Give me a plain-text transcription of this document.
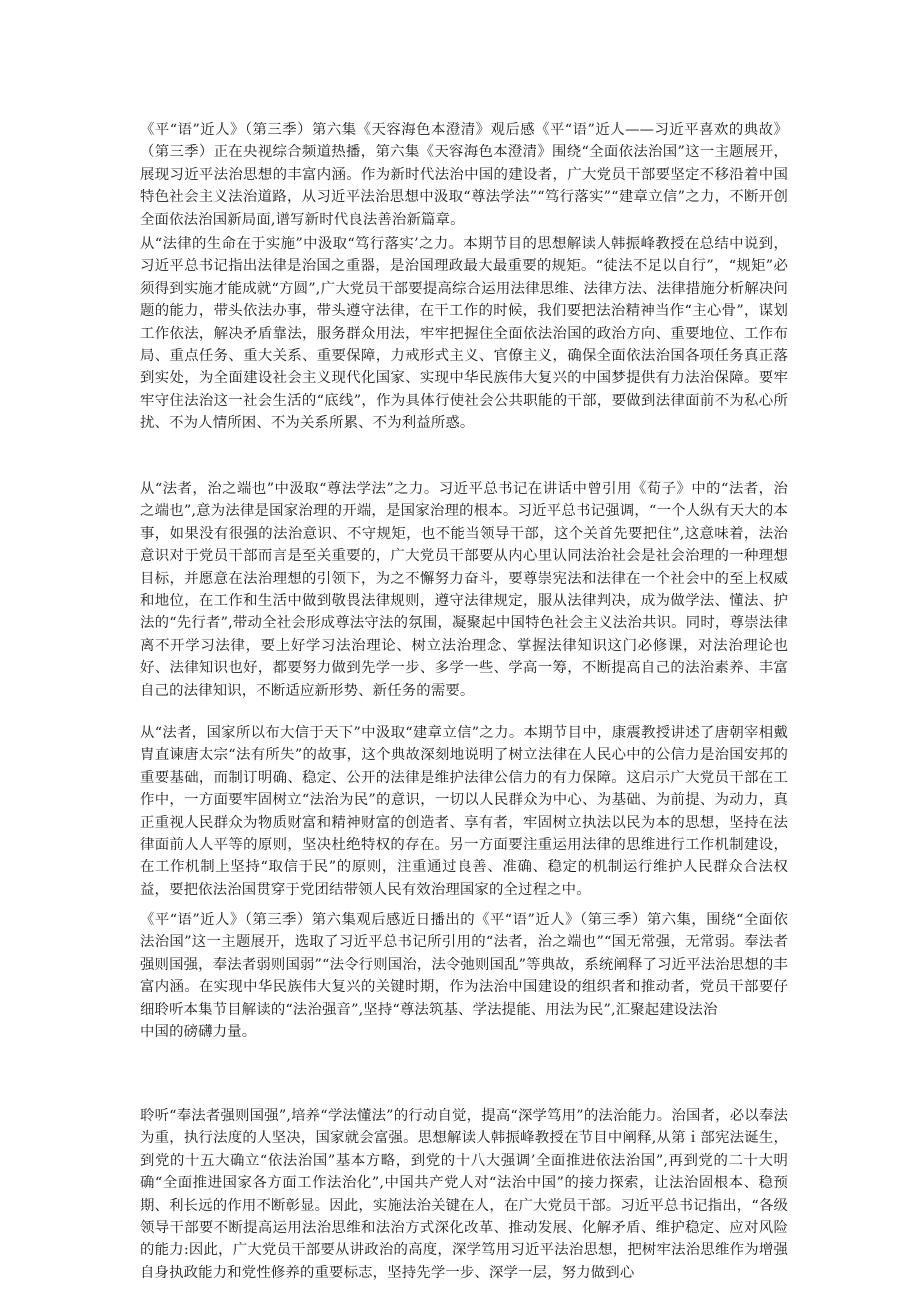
《平“语”近人》（第三季）第六集《天容海色本澄清》观后感《平“语”近人——习近平喜欢的典故》（第三季）正在央视综合频道热播，第六集《天容海色本澄清》围绕“全面依法治国”这一主题展开，展现习近平法治思想的丰富内涵。作为新时代法治中国的建设者，广大党员干部要坚定不移沿着中国特色社会主义法治道路，从习近平法治思想中汲取“尊法学法”“笃行落实”“建章立信”之力，不断开创全面依法治国新局面,谱写新时代良法善治新篇章。

从“法律的生命在于实施”中汲取“笃行落实’之力。本期节目的思想解读人韩振峰教授在总结中说到，习近平总书记指出法律是治国之重器，是治国理政最大最重要的规矩。“徒法不足以自行”，“规矩”必须得到实施才能成就“方圆”,广大党员干部要提高综合运用法律思维、法律方法、法律措施分析解决问题的能力，带头依法办事，带头遵守法律，在干工作的时候，我们要把法治精神当作“主心骨”，谋划工作依法，解决矛盾靠法，服务群众用法，牢牢把握住全面依法治国的政治方向、重要地位、工作布局、重点任务、重大关系、重要保障，力戒形式主义、官僚主义，确保全面依法治国各项任务真正落到实处，为全面建设社会主义现代化国家、实现中华民族伟大复兴的中国梦提供有力法治保障。要牢牢守住法治这一社会生活的“底线”，作为具体行使社会公共职能的干部，要做到法律面前不为私心所扰、不为人情所困、不为关系所累、不为利益所惑。

从“法者，治之端也”中汲取“尊法学法”之力。习近平总书记在讲话中曾引用《荀子》中的“法者，治之端也”,意为法律是国家治理的开端，是国家治理的根本。习近平总书记强调，“一个人纵有天大的本事，如果没有很强的法治意识、不守规矩，也不能当领导干部，这个关首先要把住”,这意味着，法治意识对于党员干部而言是至关重要的，广大党员干部要从内心里认同法治社会是社会治理的一种理想目标，并愿意在法治理想的引领下，为之不懈努力奋斗，要尊崇宪法和法律在一个社会中的至上权威和地位，在工作和生活中做到敬畏法律规则，遵守法律规定，服从法律判决，成为做学法、懂法、护法的“先行者”,带动全社会形成尊法守法的氛围，凝聚起中国特色社会主义法治共识。同时，尊崇法律离不开学习法律，要上好学习法治理论、树立法治理念、掌握法律知识这门必修课，对法治理论也好、法律知识也好，都要努力做到先学一步、多学一些、学高一筹，不断提高自己的法治素养、丰富自己的法律知识，不断适应新形势、新任务的需要。

从“法者，国家所以布大信于天下”中汲取“建章立信”之力。本期节目中，康震教授讲述了唐朝宰相戴胄直谏唐太宗“法有所失”的故事，这个典故深刻地说明了树立法律在人民心中的公信力是治国安邦的重要基础，而制订明确、稳定、公开的法律是维护法律公信力的有力保障。这启示广大党员干部在工作中，一方面要牢固树立“法治为民”的意识，一切以人民群众为中心、为基础、为前提、为动力，真正重视人民群众为物质财富和精神财富的创造者、享有者，牢固树立执法以民为本的思想，坚持在法律面前人人平等的原则，坚决杜绝特权的存在。另一方面要注重运用法律的思维进行工作机制建设，在工作机制上坚持“取信于民”的原则，注重通过良善、准确、稳定的机制运行维护人民群众合法权益，要把依法治国贯穿于党团结带领人民有效治理国家的全过程之中。

《平“语”近人》（第三季）第六集观后感近日播出的《平“语”近人》（第三季）第六集，围绕“全面依法治国”这一主题展开，选取了习近平总书记所引用的“法者，治之端也”“国无常强，无常弱。奉法者强则国强，奉法者弱则国弱”“法令行则国治，法令弛则国乱”等典故，系统阐释了习近平法治思想的丰富内涵。在实现中华民族伟大复兴的关键时期，作为法治中国建设的组织者和推动者，党员干部要仔细聆听本集节目解读的“法治强音”,坚持“尊法筑基、学法提能、用法为民”,汇聚起建设法治
中国的磅礴力量。

聆听“奉法者强则国强”,培养“学法懂法”的行动自觉，提高“深学笃用”的法治能力。治国者，必以奉法为重，执行法度的人坚决，国家就会富强。思想解读人韩振峰教授在节目中阐释,从第ｉ部宪法诞生，到党的十五大确立“依法治国”基本方略，到党的十八大强调’全面推进依法治国”,再到党的二十大明确“全面推进国家各方面工作法治化”,中国共产党人对“法治中国”的接力探索，让法治固根本、稳预期、利长远的作用不断彰显。因此，实施法治关键在人，在广大党员干部。习近平总书记指出，“各级领导干部要不断提高运用法治思维和法治方式深化改革、推动发展、化解矛盾、维护稳定、应对风险的能力:因此，广大党员干部要从讲政治的高度，深学笃用习近平法治思想，把树牢法治思维作为增强自身执政能力和党性修养的重要标志，坚持先学一步、深学一层，努力做到心
